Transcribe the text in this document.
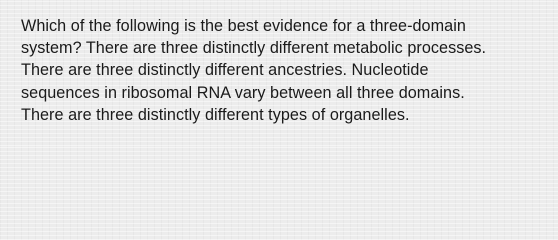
Which of the following is the best evidence for a three-domain
system? There are three distinctly different metabolic processes.
There are three distinctly different ancestries. Nucleotide
sequences in ribosomal RNA vary between all three domains.
There are three distinctly different types of organelles.
